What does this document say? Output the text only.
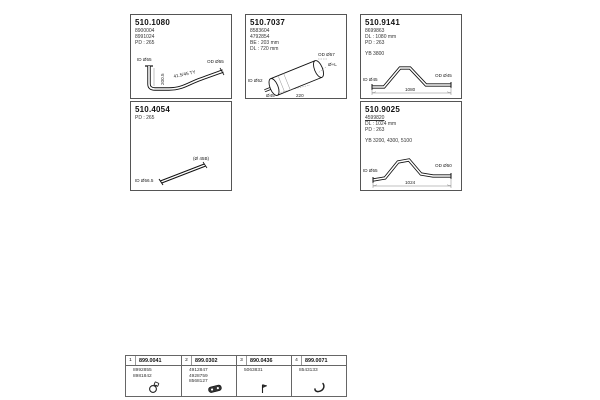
510.1080
8900004
8991024
PD : 265
ID Ø55
200.5 41.5/45 TY
OD Ø55
510.7037
8583604
4792854
BE : 203 mm
DL : 720 mm
ID Ø52
OD Ø57
Ø+L
Ø45	220
510.9141
8699863
DL : 1080 mm
PD : 263
YB 3800
ID Ø45
OD Ø45
1080
510.4054
PD : 265
ID Ø56.5
(Ø 45B)
510.9025
4599820
DL : 1024 mm
PD : 263
YB 3200, 4300, 5100
ID Ø55
OD Ø50
1024
1	899.0041
8992855
8981842
2	899.0302
4912847
4928759
8568127
3	890.0436
5063831
4	899.0071
8543133
